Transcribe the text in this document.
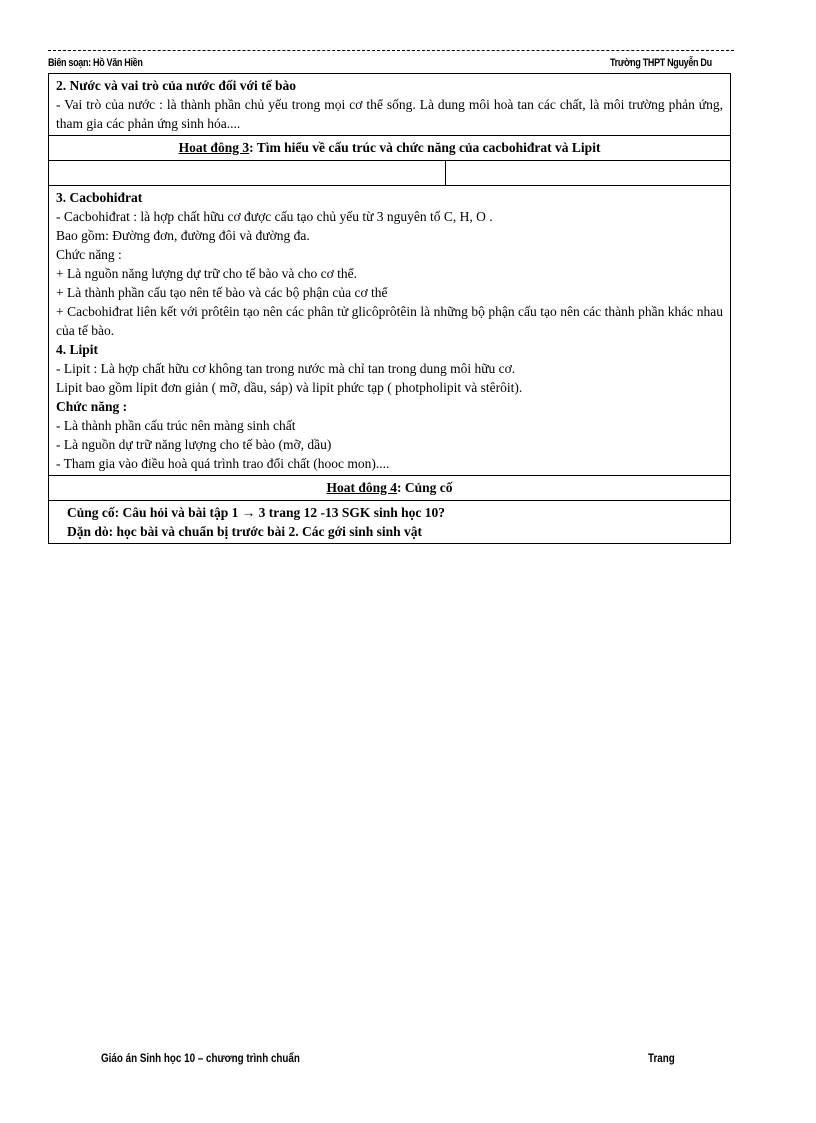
Biên soạn: Hồ Văn Hiền	Trường THPT Nguyễn Du
2. Nước và vai trò của nước đối với tế bào
- Vai trò của nước : là thành phần chủ yếu trong mọi cơ thể sống. Là dung môi hoà tan các chất, là môi trường phản ứng, tham gia các phản ứng sinh hóa....
Hoat đông 3: Tìm hiểu về cấu trúc và chức năng của cacbohiđrat và Lipit
3. Cacbohiđrat
- Cacbohiđrat : là hợp chất hữu cơ được cấu tạo chủ yếu từ 3 nguyên tố C, H, O .
Bao gồm: Đường đơn, đường đôi và đường đa.
Chức năng :
+ Là nguồn năng lượng dự trữ cho tế bào và cho cơ thể.
+ Là thành phần cấu tạo nên tế bào và các bộ phận của cơ thể
+ Cacbohiđrat liên kết với prôtêin tạo nên các phân tử glicôprôtêin là những bộ phận cấu tạo nên các thành phần khác nhau của tế bào.
4. Lipit
- Lipit : Là hợp chất hữu cơ không tan trong nước mà chỉ tan trong dung môi hữu cơ.
Lipit bao gồm lipit đơn giản ( mỡ, dầu, sáp) và lipit phức tạp ( photpholipit và stêrôit).
Chức năng :
- Là thành phần cấu trúc nên màng sinh chất
- Là nguồn dự trữ năng lượng cho tế bào (mỡ, dầu)
- Tham gia vào điều hoà quá trình trao đổi chất (hooc mon)....
Hoat đông 4: Củng cố
Củng cố: Câu hỏi và bài tập 1 → 3 trang 12 -13 SGK sinh học 10?
Dặn dò: học bài và chuẩn bị trước bài 2. Các gới sinh sinh vật
Giáo án Sinh học 10 – chương trình chuẩn	Trang
